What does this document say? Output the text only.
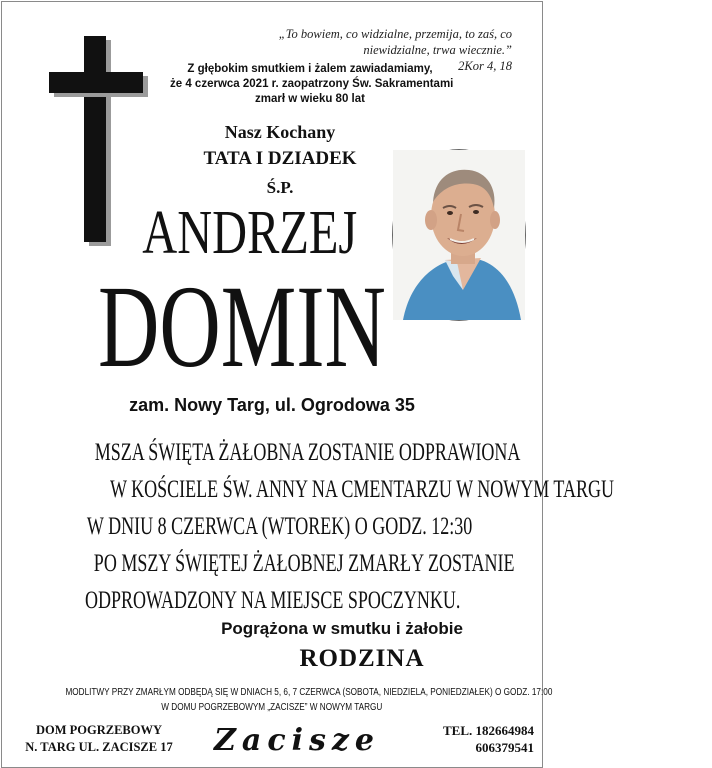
„To bowiem, co widzialne, przemija, to zaś, co
niewidzialne, trwa wiecznie.”
2Kor 4, 18
Z głębokim smutkiem i żalem zawiadamiamy,
że 4 czerwca 2021 r. zaopatrzony Św. Sakramentami
zmarł w wieku 80 lat
Nasz Kochany
TATA I DZIADEK
Ś.P.
ANDRZEJ
DOMIN
zam. Nowy Targ, ul. Ogrodowa 35
MSZA ŚWIĘTA ŻAŁOBNA ZOSTANIE ODPRAWIONA
W KOŚCIELE ŚW. ANNY NA CMENTARZU W NOWYM TARGU
W DNIU 8 CZERWCA (WTOREK) O GODZ. 12:30
PO MSZY ŚWIĘTEJ ŻAŁOBNEJ ZMARŁY ZOSTANIE
ODPROWADZONY NA MIEJSCE SPOCZYNKU.
Pogrążona w smutku i żałobie
RODZINA
MODLITWY PRZY ZMARŁYM ODBĘDĄ SIĘ W DNIACH 5, 6, 7 CZERWCA (SOBOTA, NIEDZIELA, PONIEDZIAŁEK) O GODZ. 17:00
W DOMU POGRZEBOWYM „ZACISZE” W NOWYM TARGU
DOM POGRZEBOWY
N. TARG UL. ZACISZE 17	Zacisze	TEL. 182664984
606379541
